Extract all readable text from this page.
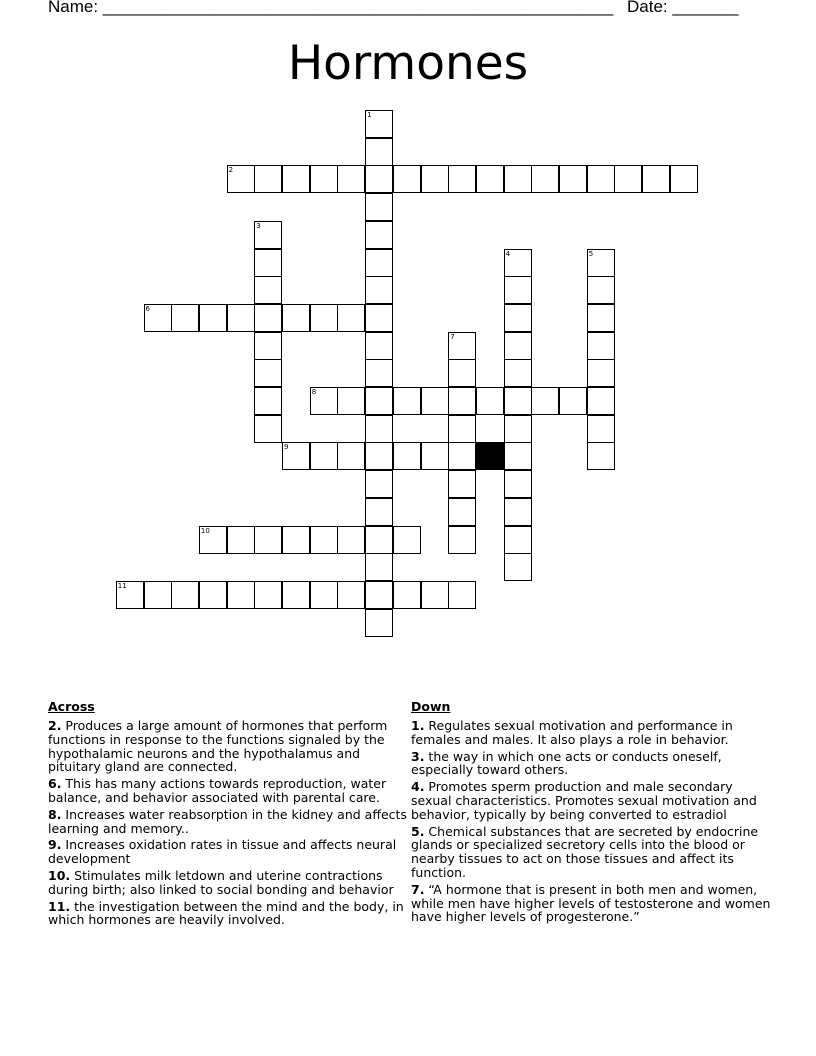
Name: ______________________________________________________ Date: _______
Hormones
1
2
3
4	5
6
7
8
9
10
11
Across
2. Produces a large amount of hormones that perform functions in response to the functions signaled by the hypothalamic neurons and the hypothalamus and pituitary gland are connected.
6. This has many actions towards reproduction, water balance, and behavior associated with parental care.
8. Increases water reabsorption in the kidney and affects learning and memory..
9. Increases oxidation rates in tissue and affects neural development
10. Stimulates milk letdown and uterine contractions during birth; also linked to social bonding and behavior
11. the investigation between the mind and the body, in which hormones are heavily involved.
Down
1. Regulates sexual motivation and performance in females and males. It also plays a role in behavior.
3. the way in which one acts or conducts oneself, especially toward others.
4. Promotes sperm production and male secondary sexual characteristics. Promotes sexual motivation and behavior, typically by being converted to estradiol
5. Chemical substances that are secreted by endocrine glands or specialized secretory cells into the blood or nearby tissues to act on those tissues and affect its function.
7. “A hormone that is present in both men and women, while men have higher levels of testosterone and women have higher levels of progesterone.”
